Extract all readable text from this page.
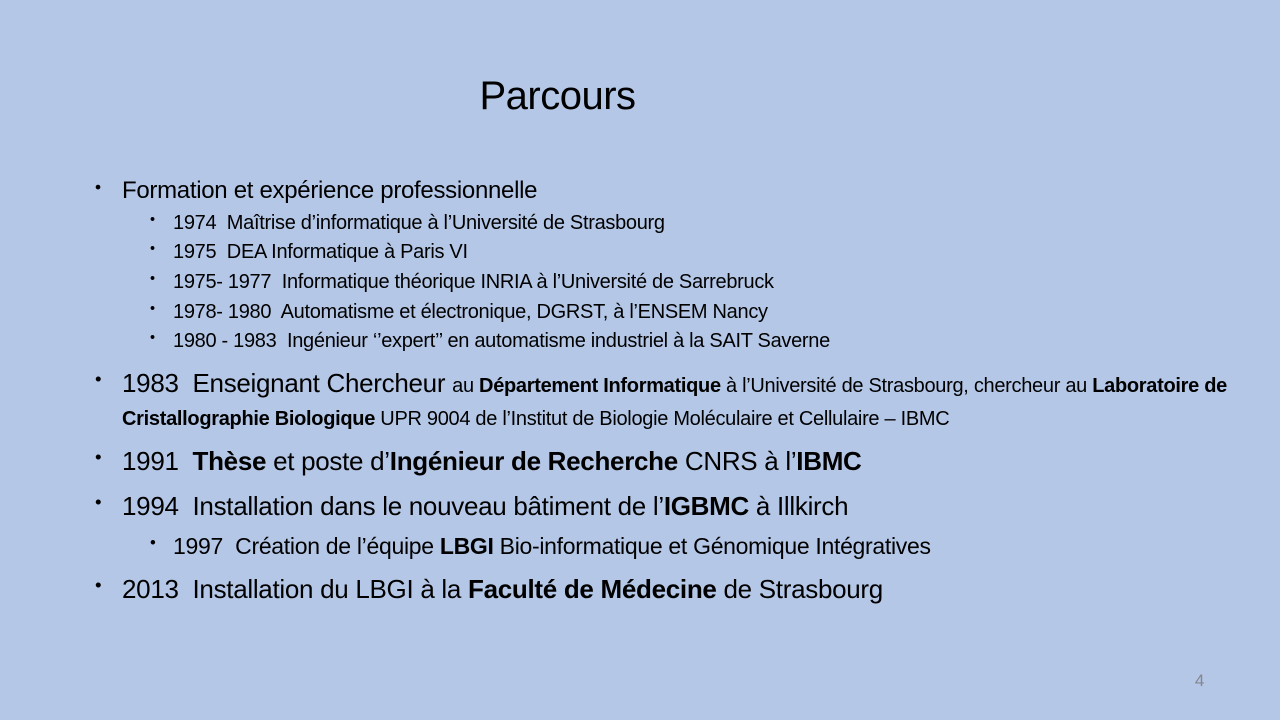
Parcours
• Formation et expérience professionnelle
• 1974  Maîtrise d’informatique à l’Université de Strasbourg
• 1975  DEA Informatique à Paris VI
• 1975- 1977  Informatique théorique INRIA à l’Université de Sarrebruck
• 1978- 1980  Automatisme et électronique, DGRST, à l’ENSEM Nancy
• 1980 - 1983  Ingénieur ‘’expert’’ en automatisme industriel à la SAIT Saverne
• 1983  Enseignant Chercheur au Département Informatique à l’Université de Strasbourg, chercheur au Laboratoire de Cristallographie Biologique UPR 9004 de l’Institut de Biologie Moléculaire et Cellulaire – IBMC
• 1991  Thèse et poste d’Ingénieur de Recherche CNRS à l’IBMC
• 1994  Installation dans le nouveau bâtiment de l’IGBMC à Illkirch
• 1997  Création de l’équipe LBGI Bio-informatique et Génomique Intégratives
• 2013  Installation du LBGI à la Faculté de Médecine de Strasbourg
4
